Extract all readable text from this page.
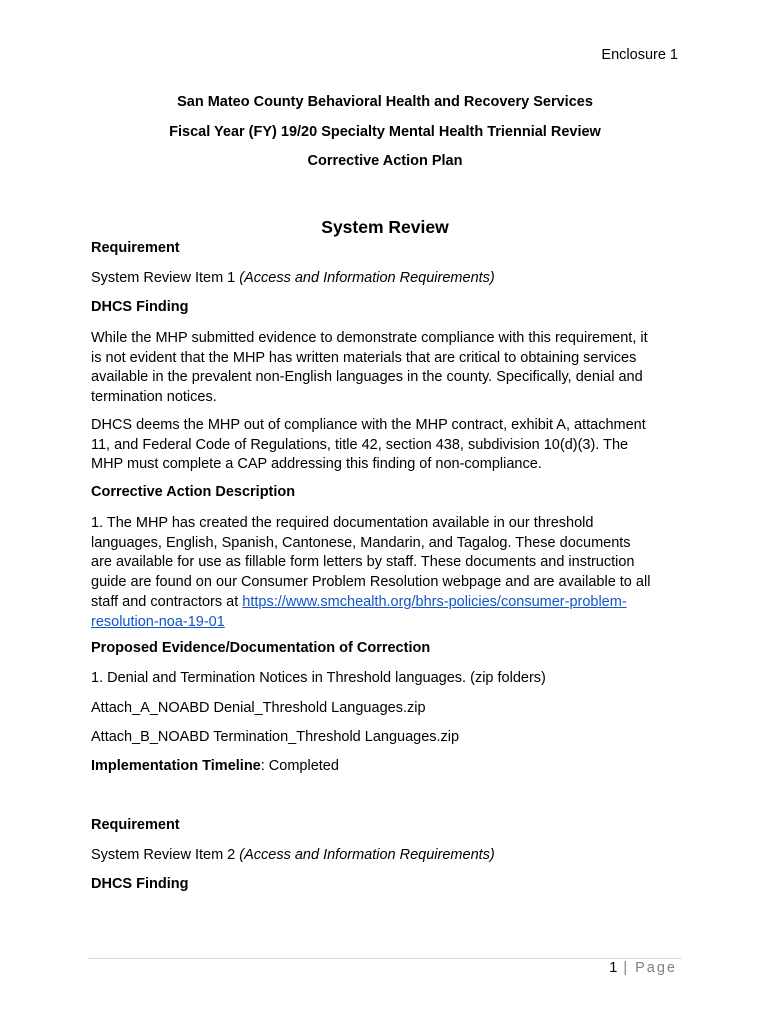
Enclosure 1
San Mateo County Behavioral Health and Recovery Services
Fiscal Year (FY) 19/20 Specialty Mental Health Triennial Review
Corrective Action Plan
System Review
Requirement
System Review Item 1 (Access and Information Requirements)
DHCS Finding
While the MHP submitted evidence to demonstrate compliance with this requirement, it
is not evident that the MHP has written materials that are critical to obtaining services
available in the prevalent non-English languages in the county. Specifically, denial and
termination notices.
DHCS deems the MHP out of compliance with the MHP contract, exhibit A, attachment
11, and Federal Code of Regulations, title 42, section 438, subdivision 10(d)(3). The
MHP must complete a CAP addressing this finding of non-compliance.
Corrective Action Description
1. The MHP has created the required documentation available in our threshold
languages, English, Spanish, Cantonese, Mandarin, and Tagalog. These documents
are available for use as fillable form letters by staff. These documents and instruction
guide are found on our Consumer Problem Resolution webpage and are available to all
staff and contractors at https://www.smchealth.org/bhrs-policies/consumer-problem-
resolution-noa-19-01
Proposed Evidence/Documentation of Correction
1. Denial and Termination Notices in Threshold languages. (zip folders)
Attach_A_NOABD Denial_Threshold Languages.zip
Attach_B_NOABD Termination_Threshold Languages.zip
Implementation Timeline: Completed
Requirement
System Review Item 2 (Access and Information Requirements)
DHCS Finding
1 | Page
